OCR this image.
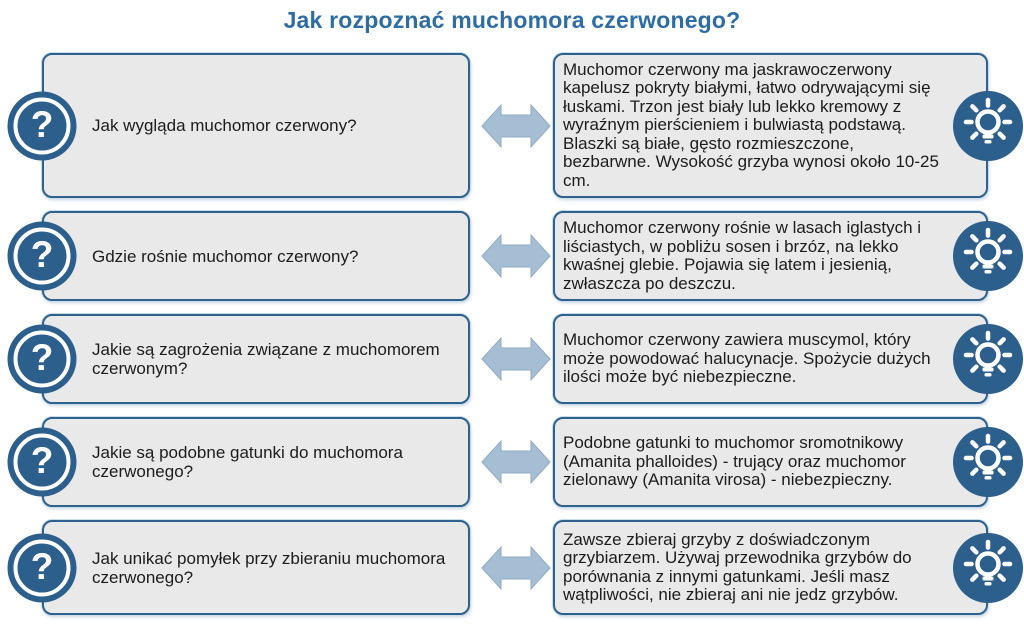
Jak rozpoznać muchomora czerwonego?
Jak wygląda muchomor czerwony?
Muchomor czerwony ma jaskrawoczerwony kapelusz pokryty białymi, łatwo odrywającymi się łuskami. Trzon jest biały lub lekko kremowy z wyraźnym pierścieniem i bulwiastą podstawą. Blaszki są białe, gęsto rozmieszczone, bezbarwne. Wysokość grzyba wynosi około 10-25 cm.
?
Gdzie rośnie muchomor czerwony?
Muchomor czerwony rośnie w lasach iglastych i liściastych, w pobliżu sosen i brzóz, na lekko kwaśnej glebie. Pojawia się latem i jesienią, zwłaszcza po deszczu.
?
Jakie są zagrożenia związane z muchomorem czerwonym?
Muchomor czerwony zawiera muscymol, który może powodować halucynacje. Spożycie dużych ilości może być niebezpieczne.
?
Jakie są podobne gatunki do muchomora czerwonego?
Podobne gatunki to muchomor sromotnikowy (Amanita phalloides) - trujący oraz muchomor zielonawy (Amanita virosa) - niebezpieczny.
?
Jak unikać pomyłek przy zbieraniu muchomora czerwonego?
Zawsze zbieraj grzyby z doświadczonym grzybiarzem. Używaj przewodnika grzybów do porównania z innymi gatunkami. Jeśli masz wątpliwości, nie zbieraj ani nie jedz grzybów.
?
